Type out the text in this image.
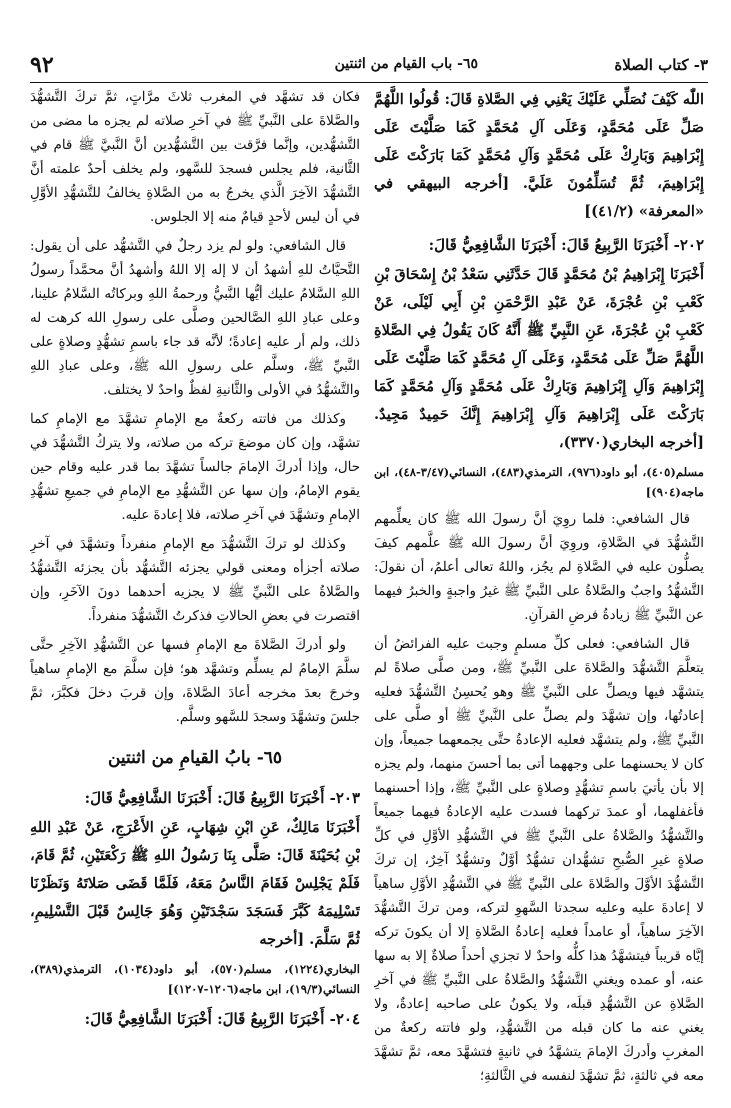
٣- كتاب الصلاة
٦٥- باب القيام من اثنتين
٩٢

اللّٰه كَيْفَ نُصَلِّي عَلَيْكَ يَعْنِي فِي الصَّلاةِ قَالَ: قُولُوا اللَّهُمَّ صَلِّ عَلَى مُحَمَّدٍ، وَعَلَى آلِ مُحَمَّدٍ كَمَا صَلَّيْتَ عَلَى إِبْرَاهِيمَ وَبَارِكْ عَلَى مُحَمَّدٍ وَآلِ مُحَمَّدٍ كَمَا بَارَكْتَ عَلَى إِبْرَاهِيمَ، ثُمَّ تُسَلِّمُونَ عَلَيَّ. [أخرجه البيهقي في «المعرفة» (٤١/٢)]

٢٠٢- أَخْبَرَنَا الرَّبِيعُ قَالَ: أَخْبَرَنَا الشَّافِعِيُّ قَالَ:

أَخْبَرَنَا إِبْرَاهِيمُ بْنُ مُحَمَّدٍ قَالَ حَدَّثَنِي سَعْدُ بْنُ إِسْحَاقَ بْنِ كَعْبِ بْنِ عُجْرَةَ، عَنْ عَبْدِ الرَّحْمَنِ بْنِ أَبِي لَيْلَى، عَنْ كَعْبِ بْنِ عُجْرَةَ، عَنِ النَّبِيِّ ﷺ أَنَّهُ كَانَ يَقُولُ فِي الصَّلاةِ اللَّهُمَّ صَلِّ عَلَى مُحَمَّدٍ، وَعَلَى آلِ مُحَمَّدٍ كَمَا صَلَّيْتَ عَلَى إِبْرَاهِيمَ وَآلِ إِبْرَاهِيمَ وَبَارِكْ عَلَى مُحَمَّدٍ وَآلِ مُحَمَّدٍ كَمَا بَارَكْتَ عَلَى إِبْرَاهِيمَ وَآلِ إِبْرَاهِيمَ إِنَّكَ حَمِيدٌ مَجِيدٌ. [أخرجه البخاري(٣٣٧٠)،

مسلم(٤٠٥)، أبو داود(٩٧٦)، الترمذي(٤٨٣)، النسائي(٣/٤٧-٤٨)، ابن ماجه(٩٠٤)]

قال الشافعي: فلما روِيَ أنَّ رسولَ الله ﷺ كان يعلِّمهم التَّشهُّدَ في الصَّلاةِ، وروِيَ أنَّ رسولَ الله ﷺ علَّمهم كيفَ يصلُّون عليه في الصَّلاةِ لم يجُز، واللهُ تعالى أعلمُ، أن نقولَ: التَّشهُّدُ واجبٌ والصَّلاةُ على النَّبيِّ ﷺ غيرُ واجبةٍ والخبرُ فيهما عن النَّبيِّ ﷺ زيادةُ فرضِ القرآنِ.

قال الشافعي: فعلى كلِّ مسلمٍ وجبت عليه الفرائضُ أن يتعلَّمَ التَّشهُّدَ والصَّلاةَ على النَّبيِّ ﷺ، ومن صلَّى صلاةً لم يتشهَّد فيها ويصلِّ على النَّبيِّ ﷺ وهو يُحسِنُ التَّشهُّدَ فعليه إعادتُها، وإن تشهَّدَ ولم يصلِّ على النَّبيِّ ﷺ أو صلَّى على النَّبيِّ ﷺ، ولم يتشهَّد فعليه الإعادةُ حتَّى يجمعهما جميعاً، وإن كان لا يحسنهما على وجههما أتى بما أحسنَ منهما، ولم يجزه إلا بأن يأتيَ باسمِ تشهُّدٍ وصلاةٍ على النَّبيِّ ﷺ، وإذا أحسنهما فأغفلهما، أو عمدَ تركهما فسدت عليه الإعادةُ فيهما جميعاً والتَّشهُّدُ والصَّلاةُ على النَّبيِّ ﷺ في التَّشهُّدِ الأوَّلِ في كلِّ صلاةٍ غيرِ الصُّبحِ تشهُّدان تشهُّدٌ أوَّلٌ وتشهُّدٌ آخِرٌ، إن تركَ التَّشهُّدَ الأوَّلَ والصَّلاةَ على النَّبيِّ ﷺ في التَّشهُّدِ الأوَّلِ ساهياً لا إعادةَ عليه وعليه سجدتا السَّهوِ لتركه، ومن تركَ التَّشهُّدَ الآخِرَ ساهياً، أو عامداً فعليه إعادةُ الصَّلاةِ إلا أن يكونَ تركه إيَّاه قريباً فيتشهَّدُ هذا كلُّه واحدٌ لا تجزي أحداً صلاةٌ إلا به سها عنه، أو عمده ويغني التَّشهُّدُ والصَّلاةُ على النَّبيِّ ﷺ في آخرِ الصَّلاةِ عن التَّشهُّدِ قبلَه، ولا يكونُ على صاحبه إعادةٌ، ولا يغني عنه ما كان قبله من التَّشهُّدِ، ولو فاتته ركعةٌ من المغربِ وأدركَ الإمامَ يتشهَّدُ في ثانيةٍ فتشهَّدَ معه، ثمَّ تشهَّدَ معه في ثالثةٍ، ثمَّ تشهَّدَ لنفسه في الثَّالثةِ؛

فكان قد تشهَّد في المغرب ثلاثَ مرَّاتٍ، ثمَّ تركَ التَّشهُّدَ والصَّلاةَ على النَّبيِّ ﷺ في آخرِ صلاته لم يجزه ما مضى من التَّشهُّدين، وإنَّما فرَّقت بين التَّشهُّدين أنَّ النَّبيَّ ﷺ قام في الثَّانية، فلم يجلس فسجدَ للسَّهو، ولم يخلف أحدٌ علمته أنَّ التَّشهُّدَ الآخِرَ الَّذي يخرجُ به من الصَّلاةِ يخالفُ للتَّشهُّدِ الأوَّلِ في أن ليس لأحدٍ قيامٌ منه إلا الجلوس.

قال الشافعي: ولو لم يزد رجلٌ في التَّشهُّد على أن يقول: التَّحيَّاتُ للهِ أشهدُ أن لا إله إلا اللهُ وأشهدُ أنَّ محمَّداً رسولُ اللهِ السَّلامُ عليك أيُّها النَّبيُّ ورحمةُ اللهِ وبركاتُه السَّلامُ علينا، وعلى عبادِ اللهِ الصَّالحين وصلَّى على رسولِ الله كرهت له ذلك، ولم أر عليه إعادةً؛ لأنَّه قد جاء باسمِ تشهُّدٍ وصلاةٍ على النَّبيِّ ﷺ، وسلَّم على رسولِ الله ﷺ، وعلى عبادِ اللهِ والتَّشهُّدُ في الأولى والثَّانيةِ لفظٌ واحدٌ لا يختلف.

وكذلك من فاتته ركعةٌ مع الإمامِ تشهَّدَ مع الإمامِ كما تشهَّد، وإن كان موضعَ تركه من صلاته، ولا يتركُ التَّشهُّدَ في حال، وإذا أدركَ الإمامَ جالساً تشهَّدَ بما قدر عليه وقام حين يقوم الإمامُ، وإن سها عن التَّشهُّدِ مع الإمامِ في جميعِ تشهُّدِ الإمامِ وتشهَّدَ في آخرِ صلاته، فلا إعادةَ عليه.

وكذلك لو تركَ التَّشهُّدَ مع الإمامِ منفرداً وتشهَّدَ في آخرِ صلاته أجزأه ومعنى قولي يجزئه التَّشهُّد بأن يجزئه التَّشهُّدُ والصَّلاةُ على النَّبيِّ ﷺ لا يجزيه أحدهما دونَ الآخَرِ، وإن اقتصرت في بعضِ الحالاتِ فذكرتُ التَّشهُّدَ منفرداً.

ولو أدركَ الصَّلاةَ مع الإمامِ فسها عن التَّشهُّدِ الآخِرِ حتَّى سلَّمَ الإمامُ لم يسلِّم وتشهَّد هو؛ فإن سلَّمَ مع الإمامِ ساهياً وخرجَ بعدَ مخرجه أعادَ الصَّلاةَ، وإن قربَ دخلَ فكبَّرَ، ثمَّ جلسَ وتشهَّدَ وسجدَ للسَّهو وسلَّم.

٦٥- بابُ القيامِ من اثنتين
٢٠٣- أَخْبَرَنَا الرَّبِيعُ قَالَ: أَخْبَرَنَا الشَّافِعِيُّ قَالَ:

أَخْبَرَنَا مَالِكٌ، عَنِ ابْنِ شِهَابٍ، عَنِ الأَعْرَجِ، عَنْ عَبْدِ اللهِ بْنِ بُحَيْنَةَ قَالَ: صَلَّى بِنَا رَسُولُ اللهِ ﷺ رَكْعَتَيْنِ، ثُمَّ قَامَ، فَلَمْ يَجْلِسْ فَقَامَ النَّاسُ مَعَهُ، فَلَمَّا قَضَى صَلاتَهُ وَنَظَرْنَا تَسْلِيمَهُ كَبَّرَ فَسَجَدَ سَجْدَتَيْنِ وَهُوَ جَالِسٌ قَبْلَ التَّسْلِيمِ، ثُمَّ سَلَّمَ. [أخرجه

البخاري(١٢٢٤)، مسلم(٥٧٠)، أبو داود(١٠٣٤)، الترمذي(٣٨٩)، النسائي(١٩/٣)، ابن ماجه(١٢٠٦-١٢٠٧)]

٢٠٤- أَخْبَرَنَا الرَّبِيعُ قَالَ: أَخْبَرَنَا الشَّافِعِيُّ قَالَ:
